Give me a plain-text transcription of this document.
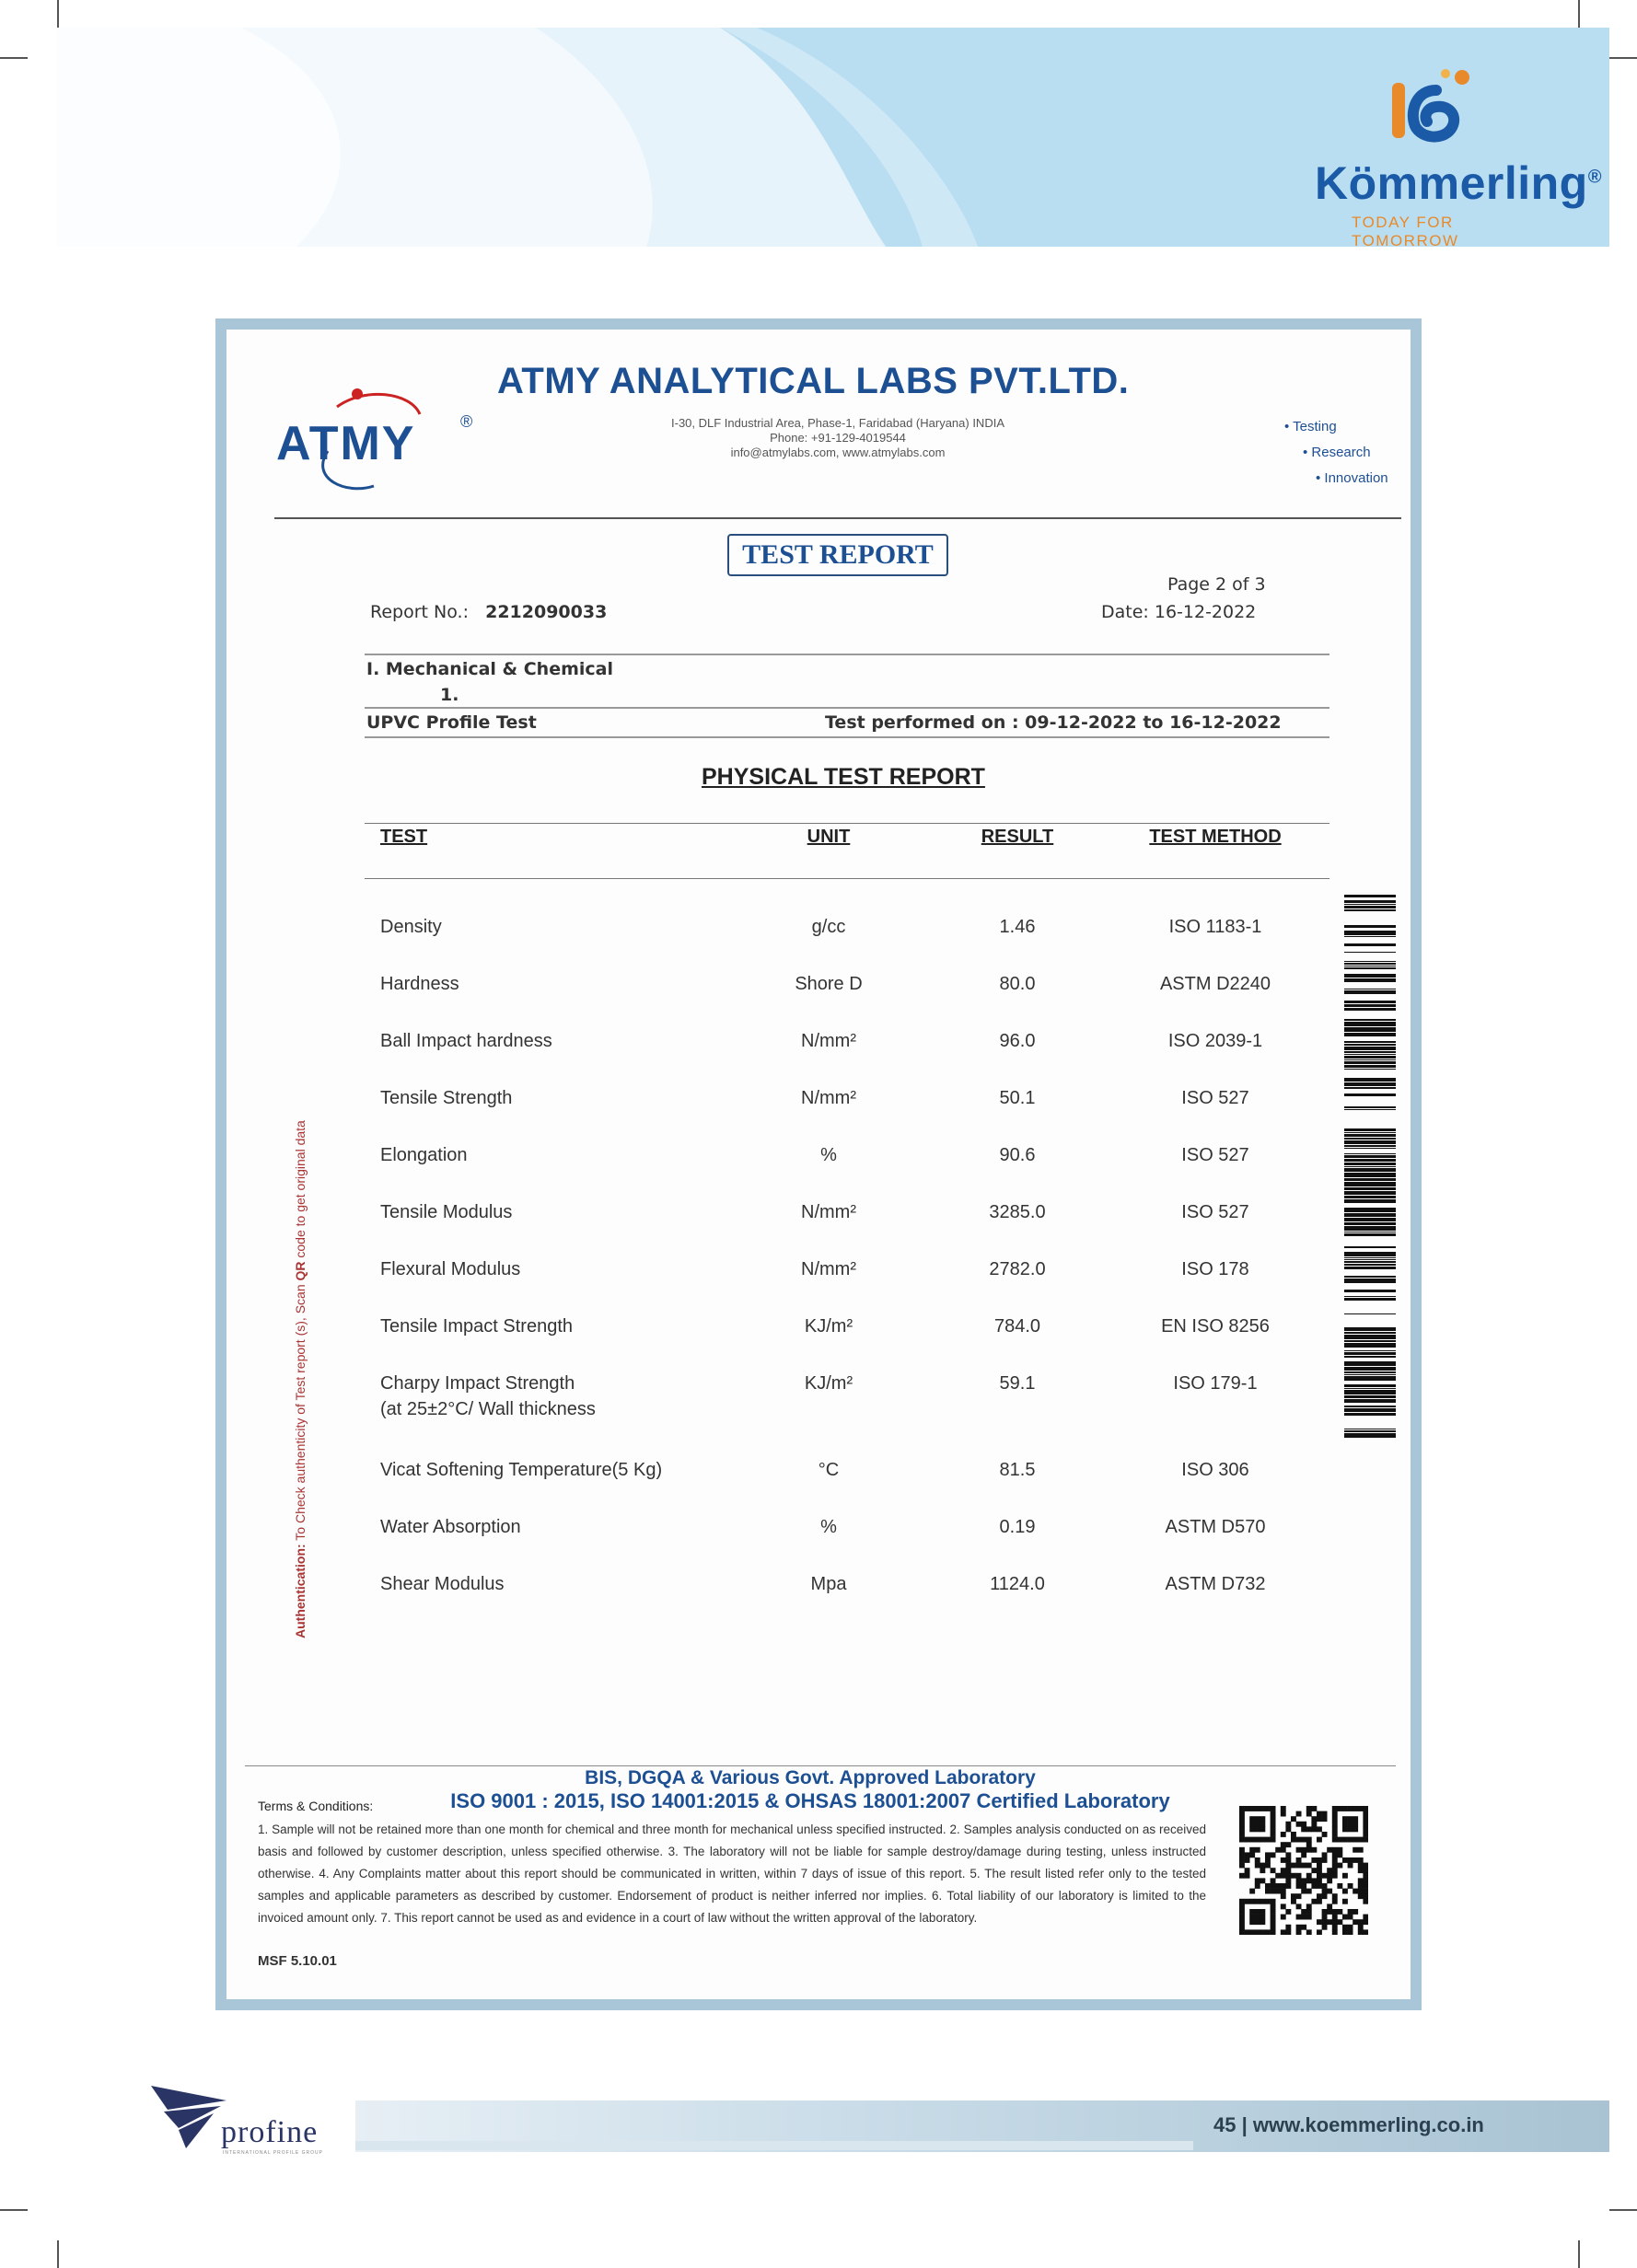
Kömmerling®
TODAY FOR TOMORROW
ATMY	®
ATMY ANALYTICAL LABS PVT.LTD.
I-30, DLF Industrial Area, Phase-1, Faridabad (Haryana) INDIA
Phone: +91-129-4019544
info@atmylabs.com, www.atmylabs.com
• Testing
• Research
• Innovation
TEST REPORT
Page 2 of 3
Report No.: 2212090033	Date: 16-12-2022
I. Mechanical & Chemical
1.
UPVC Profile Test	Test performed on : 09-12-2022 to 16-12-2022
PHYSICAL TEST REPORT
TEST	UNIT	RESULT	TEST METHOD
Density	g/cc	1.46	ISO 1183-1
Hardness	Shore D	80.0	ASTM D2240
Ball Impact hardness	N/mm²	96.0	ISO 2039-1
Tensile Strength	N/mm²	50.1	ISO 527
Elongation	%	90.6	ISO 527
Tensile Modulus	N/mm²	3285.0	ISO 527
Flexural Modulus	N/mm²	2782.0	ISO 178
Tensile Impact Strength	KJ/m²	784.0	EN ISO 8256
Charpy Impact Strength
(at 25±2°C/ Wall thickness
KJ/m²	59.1	ISO 179-1
Vicat Softening Temperature(5 Kg)	°C	81.5	ISO 306
Water Absorption	%	0.19	ASTM D570
Shear Modulus	Mpa	1124.0	ASTM D732
Authentication: To Check authenticity of Test report (s), Scan QR code to get original data
BIS, DGQA & Various Govt. Approved Laboratory
ISO 9001 : 2015, ISO 14001:2015 & OHSAS 18001:2007 Certified Laboratory
Terms & Conditions:
1. Sample will not be retained more than one month for chemical and three month for mechanical unless specified instructed. 2. Samples analysis conducted on as received basis and followed by customer description, unless specified otherwise. 3. The laboratory will not be liable for sample destroy/damage during testing, unless instructed otherwise. 4. Any Complaints matter about this report should be communicated in written, within 7 days of issue of this report. 5. The result listed refer only to the tested samples and applicable parameters as described by customer. Endorsement of product is neither inferred nor implies. 6. Total liability of our laboratory is limited to the invoiced amount only. 7. This report cannot be used as and evidence in a court of law without the written approval of the laboratory.
MSF 5.10.01
profine
INTERNATIONAL PROFILE GROUP
45 | www.koemmerling.co.in
